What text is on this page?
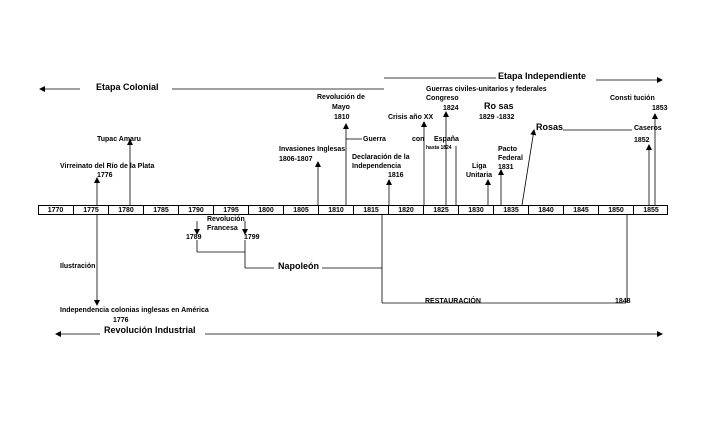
1770	1775	1780	1785	1790	1795	1800	1805	1810	1815	1820	1825	1830	1835	1840	1845	1850	1855
Etapa Colonial
Etapa Independiente
Guerras civiles-unitarios y federales
Congreso
1824	Ro sas
1829 -1832
Consti tución
1853
Revolución de
Mayo
1810	Crisis año XX
Tupac Amaru
Invasiones Inglesas
1806-1807
Guerra	con España
hasta 1824
Rosas	Caseros
1852
Virreinato del Río de la Plata
1776
Declaración de la
Independencia
1816
Pacto
Federal
1831
Liga
Unitaria
Revolución
Francesa
1789	1799
Ilustración	Napoleón
RESTAURACIÓN	1848
Independencia colonias inglesas en América
1776
Revolución Industrial
